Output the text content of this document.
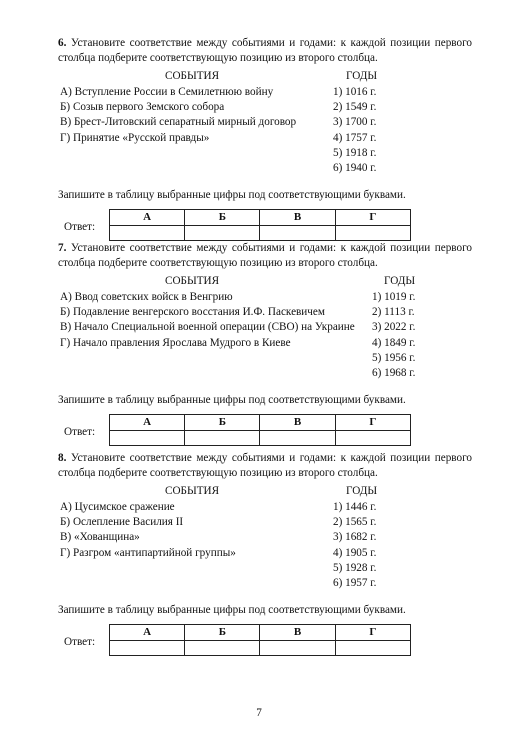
6. Установите соответствие между событиями и годами: к каждой позиции первого столбца подберите соответствующую позицию из второго столбца.

СОБЫТИЯ	ГОДЫ
А) Вступление России в Семилетнюю войну	1) 1016 г.
Б) Созыв первого Земского собора	2) 1549 г.
В) Брест-Литовский сепаратный мирный договор	3) 1700 г.
Г) Принятие «Русской правды»	4) 1757 г.
5) 1918 г.
6) 1940 г.

Запишите в таблицу выбранные цифры под соответствующими буквами.

Ответ:
А	Б	В	Г

7. Установите соответствие между событиями и годами: к каждой позиции первого столбца подберите соответствующую позицию из второго столбца.

СОБЫТИЯ	ГОДЫ
А) Ввод советских войск в Венгрию	1) 1019 г.
Б) Подавление венгерского восстания И.Ф. Паскевичем	2) 1113 г.
В) Начало Специальной военной операции (СВО) на Украине 3) 2022 г.
Г) Начало правления Ярослава Мудрого в Киеве	4) 1849 г.
5) 1956 г.
6) 1968 г.

Запишите в таблицу выбранные цифры под соответствующими буквами.

Ответ:
А	Б	В	Г

8. Установите соответствие между событиями и годами: к каждой позиции первого столбца подберите соответствующую позицию из второго столбца.

СОБЫТИЯ	ГОДЫ
А) Цусимское сражение	1) 1446 г.
Б) Ослепление Василия II	2) 1565 г.
В) «Хованщина»	3) 1682 г.
Г) Разгром «антипартийной группы»	4) 1905 г.
5) 1928 г.
6) 1957 г.

Запишите в таблицу выбранные цифры под соответствующими буквами.

Ответ:
А	Б	В	Г

7
